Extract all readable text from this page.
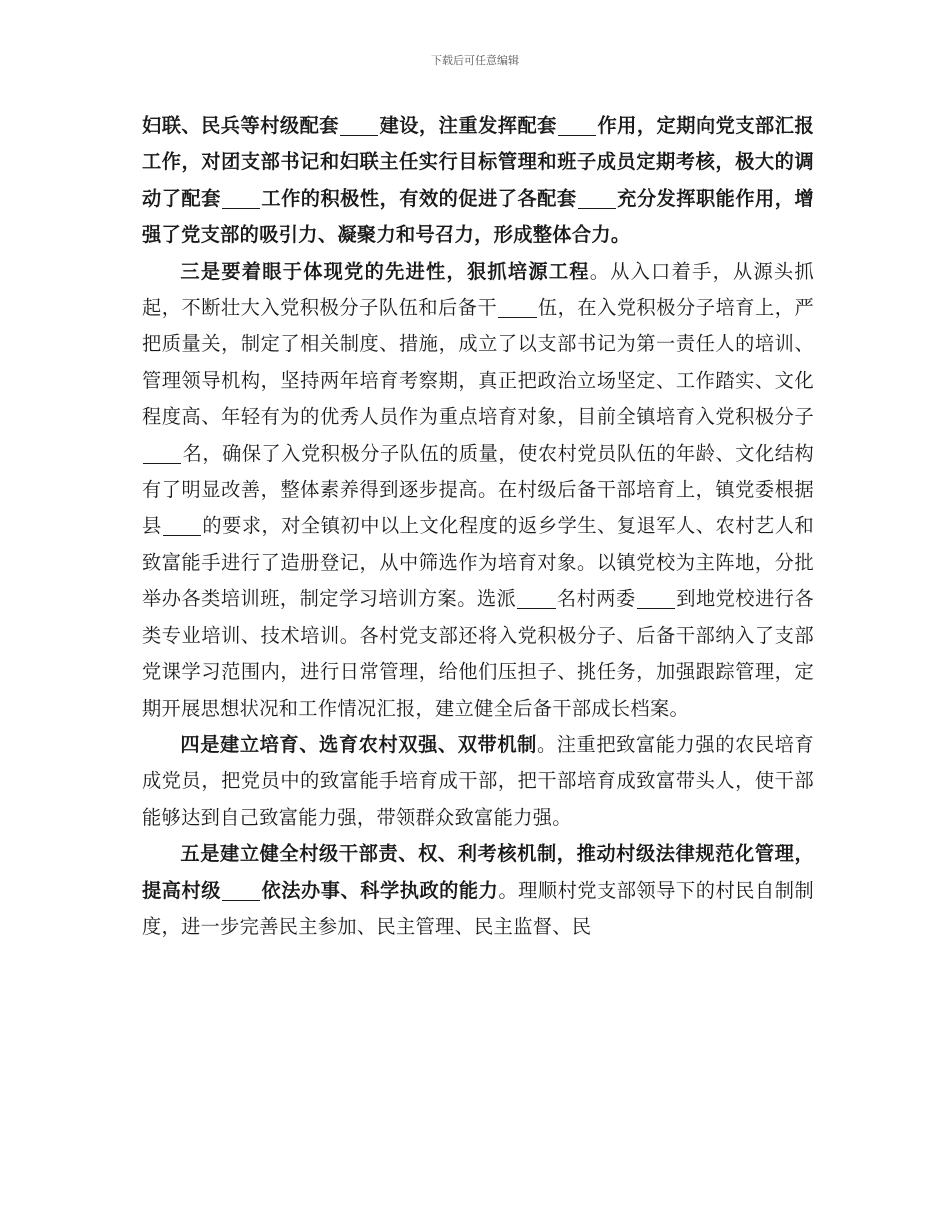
下载后可任意编辑

妇联、民兵等村级配套 建设，注重发挥配套 作用，定期向党支部汇报工作，对团支部书记和妇联主任实行目标管理和班子成员定期考核，极大的调动了配套 工作的积极性，有效的促进了各配套 充分发挥职能作用，增强了党支部的吸引力、凝聚力和号召力，形成整体合力。

三是要着眼于体现党的先进性，狠抓培源工程。从入口着手，从源头抓起，不断壮大入党积极分子队伍和后备干 伍，在入党积极分子培育上，严把质量关，制定了相关制度、措施，成立了以支部书记为第一责任人的培训、管理领导机构，坚持两年培育考察期，真正把政治立场坚定、工作踏实、文化程度高、年轻有为的优秀人员作为重点培育对象，目前全镇培育入党积极分子名，确保了入党积极分子队伍的质量，使农村党员队伍的年龄、文化结构有了明显改善，整体素养得到逐步提高。在村级后备干部培育上，镇党委根据县 的要求，对全镇初中以上文化程度的返乡学生、复退军人、农村艺人和致富能手进行了造册登记，从中筛选作为培育对象。以镇党校为主阵地，分批举办各类培训班，制定学习培训方案。选派 名村两委 到地党校进行各类专业培训、技术培训。各村党支部还将入党积极分子、后备干部纳入了支部党课学习范围内，进行日常管理，给他们压担子、挑任务，加强跟踪管理，定期开展思想状况和工作情况汇报，建立健全后备干部成长档案。

四是建立培育、选育农村双强、双带机制。注重把致富能力强的农民培育成党员，把党员中的致富能手培育成干部，把干部培育成致富带头人，使干部能够达到自己致富能力强，带领群众致富能力强。

五是建立健全村级干部责、权、利考核机制，推动村级法律规范化管理，提高村级 依法办事、科学执政的能力。理顺村党支部领导下的村民自制制度，进一步完善民主参加、民主管理、民主监督、民
